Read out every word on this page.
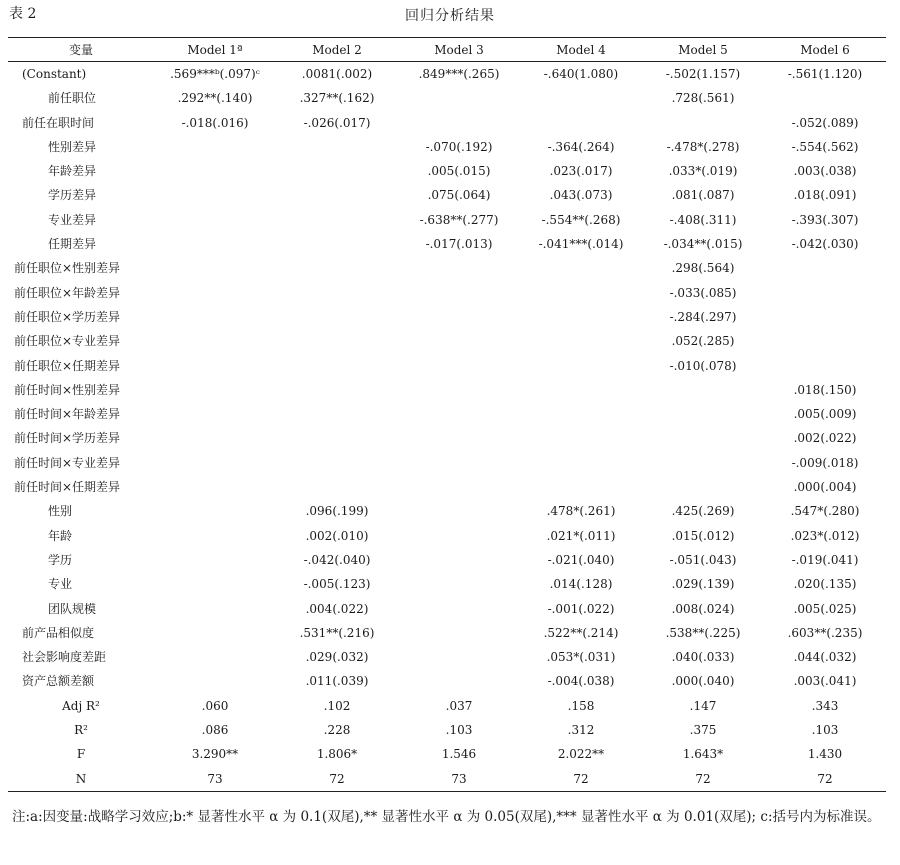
表 2	回归分析结果
变量	Model 1ª	Model 2	Model 3	Model 4	Model 5	Model 6
(Constant)	.569***ᵇ(.097)ᶜ	.0081(.002)	.849***(.265)	-.640(1.080)	-.502(1.157)	-.561(1.120)
前任职位	.292**(.140)	.327**(.162)			.728(.561)	
前任在职时间	-.018(.016)	-.026(.017)				-.052(.089)
性别差异			-.070(.192)	-.364(.264)	-.478*(.278)	-.554(.562)
年龄差异			.005(.015)	.023(.017)	.033*(.019)	.003(.038)
学历差异			.075(.064)	.043(.073)	.081(.087)	.018(.091)
专业差异			-.638**(.277)	-.554**(.268)	-.408(.311)	-.393(.307)
任期差异			-.017(.013)	-.041***(.014)	-.034**(.015)	-.042(.030)
前任职位×性别差异					.298(.564)	
前任职位×年龄差异					-.033(.085)	
前任职位×学历差异					-.284(.297)	
前任职位×专业差异					.052(.285)	
前任职位×任期差异					-.010(.078)	
前任时间×性别差异						.018(.150)
前任时间×年龄差异						.005(.009)
前任时间×学历差异						.002(.022)
前任时间×专业差异						-.009(.018)
前任时间×任期差异						.000(.004)
性别		.096(.199)		.478*(.261)	.425(.269)	.547*(.280)
年龄		.002(.010)		.021*(.011)	.015(.012)	.023*(.012)
学历		-.042(.040)		-.021(.040)	-.051(.043)	-.019(.041)
专业		-.005(.123)		.014(.128)	.029(.139)	.020(.135)
团队规模		.004(.022)		-.001(.022)	.008(.024)	.005(.025)
前产品相似度		.531**(.216)		.522**(.214)	.538**(.225)	.603**(.235)
社会影响度差距		.029(.032)		.053*(.031)	.040(.033)	.044(.032)
资产总额差额		.011(.039)		-.004(.038)	.000(.040)	.003(.041)
Adj R²	.060	.102	.037	.158	.147	.343
R²	.086	.228	.103	.312	.375	.103
F	3.290**	1.806*	1.546	2.022**	1.643*	1.430
N	73	72	73	72	72	72
注:a:因变量:战略学习效应;b:* 显著性水平 α 为 0.1(双尾),** 显著性水平 α 为 0.05(双尾),*** 显著性水平 α 为 0.01(双尾); c:括号内为标准误。
